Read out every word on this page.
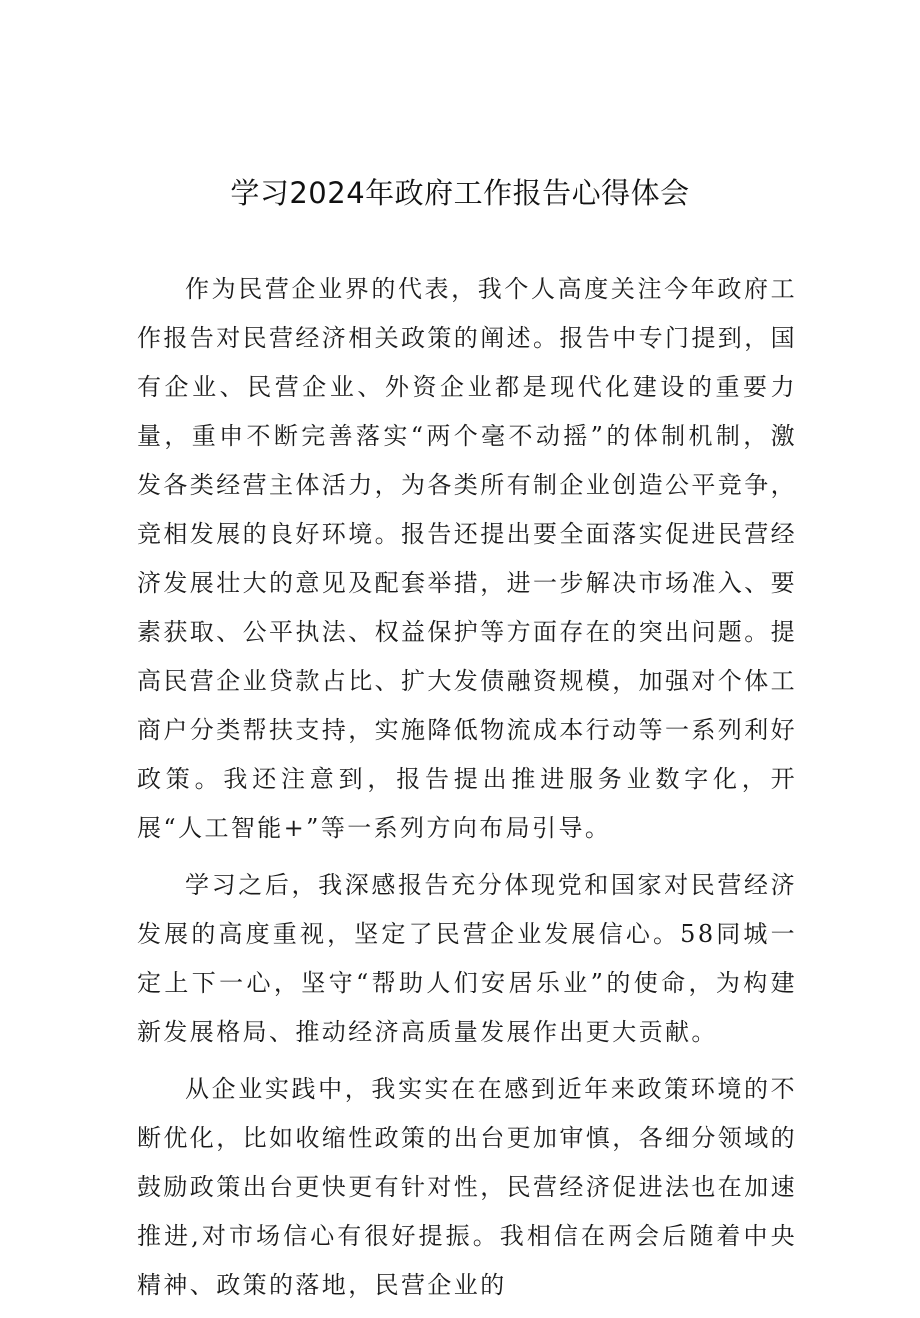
学习2024年政府工作报告心得体会

作为民营企业界的代表，我个人高度关注今年政府工作报告对民营经济相关政策的阐述。报告中专门提到，国有企业、民营企业、外资企业都是现代化建设的重要力量，重申不断完善落实“两个毫不动摇”的体制机制，激发各类经营主体活力，为各类所有制企业创造公平竞争，竞相发展的良好环境。报告还提出要全面落实促进民营经济发展壮大的意见及配套举措，进一步解决市场准入、要素获取、公平执法、权益保护等方面存在的突出问题。提高民营企业贷款占比、扩大发债融资规模，加强对个体工商户分类帮扶支持，实施降低物流成本行动等一系列利好政策。我还注意到，报告提出推进服务业数字化，开展“人工智能+”等一系列方向布局引导。

学习之后，我深感报告充分体现党和国家对民营经济发展的高度重视，坚定了民营企业发展信心。58同城一定上下一心，坚守“帮助人们安居乐业”的使命，为构建新发展格局、推动经济高质量发展作出更大贡献。

从企业实践中，我实实在在感到近年来政策环境的不断优化，比如收缩性政策的出台更加审慎，各细分领域的鼓励政策出台更快更有针对性，民营经济促进法也在加速推进,对市场信心有很好提振。我相信在两会后随着中央精神、政策的落地，民营企业的
